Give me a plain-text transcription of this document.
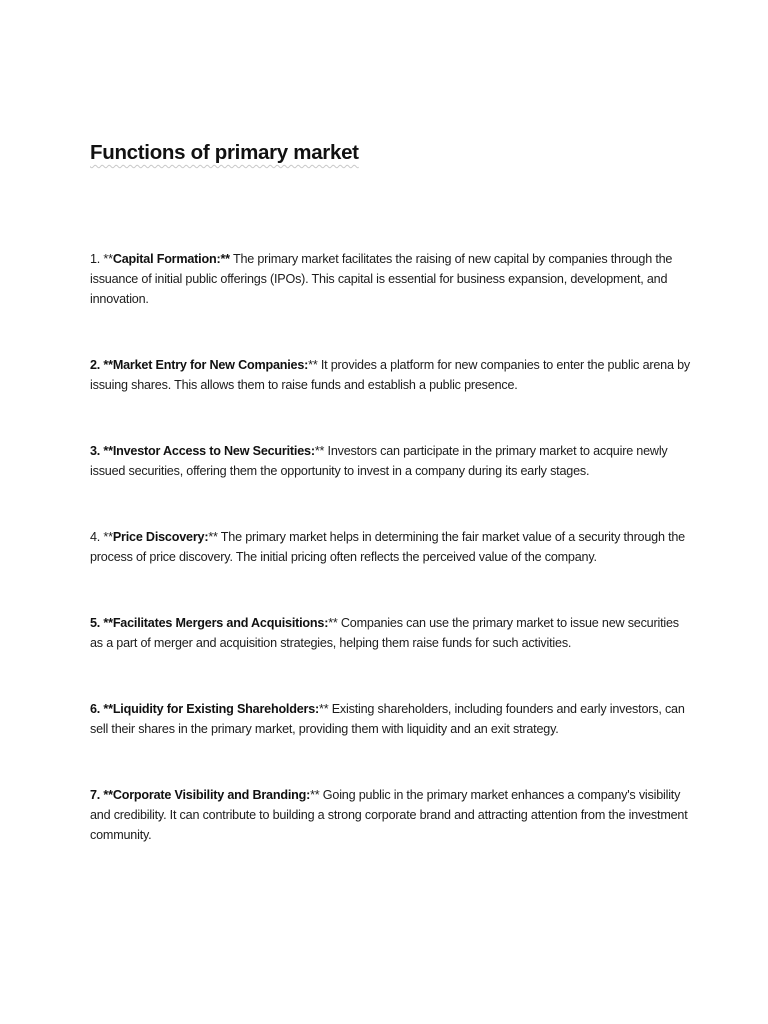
Functions of primary market
1. **Capital Formation:** The primary market facilitates the raising of new capital by companies through the issuance of initial public offerings (IPOs). This capital is essential for business expansion, development, and innovation.
2. **Market Entry for New Companies:** It provides a platform for new companies to enter the public arena by issuing shares. This allows them to raise funds and establish a public presence.
3. **Investor Access to New Securities:** Investors can participate in the primary market to acquire newly issued securities, offering them the opportunity to invest in a company during its early stages.
4. **Price Discovery:** The primary market helps in determining the fair market value of a security through the process of price discovery. The initial pricing often reflects the perceived value of the company.
5. **Facilitates Mergers and Acquisitions:** Companies can use the primary market to issue new securities as a part of merger and acquisition strategies, helping them raise funds for such activities.
6. **Liquidity for Existing Shareholders:** Existing shareholders, including founders and early investors, can sell their shares in the primary market, providing them with liquidity and an exit strategy.
7. **Corporate Visibility and Branding:** Going public in the primary market enhances a company's visibility and credibility. It can contribute to building a strong corporate brand and attracting attention from the investment community.
